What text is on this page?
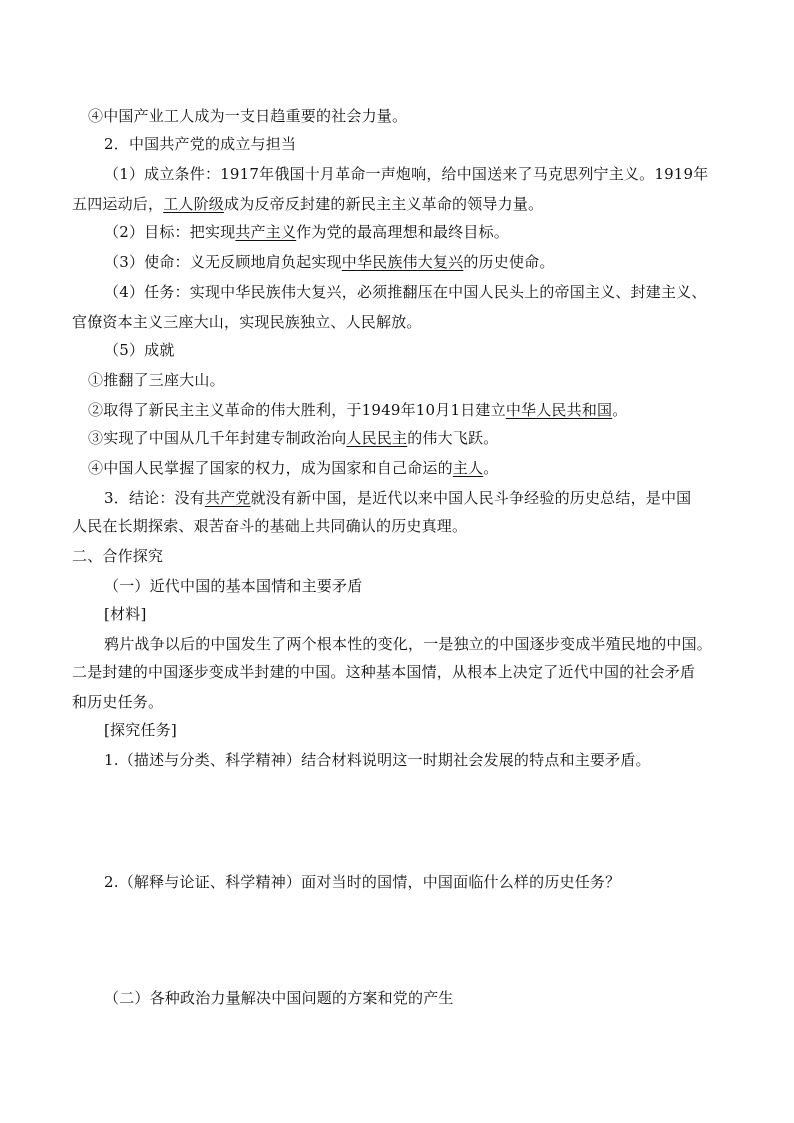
④中国产业工人成为一支日趋重要的社会力量。
2．中国共产党的成立与担当
（1）成立条件：1917年俄国十月革命一声炮响，给中国送来了马克思列宁主义。1919年
五四运动后，工人阶级成为反帝反封建的新民主主义革命的领导力量。
（2）目标：把实现共产主义作为党的最高理想和最终目标。
（3）使命：义无反顾地肩负起实现中华民族伟大复兴的历史使命。
（4）任务：实现中华民族伟大复兴，必须推翻压在中国人民头上的帝国主义、封建主义、
官僚资本主义三座大山，实现民族独立、人民解放。
（5）成就
①推翻了三座大山。
②取得了新民主主义革命的伟大胜利，于1949年10月1日建立中华人民共和国。
③实现了中国从几千年封建专制政治向人民民主的伟大飞跃。
④中国人民掌握了国家的权力，成为国家和自己命运的主人。
3．结论：没有共产党就没有新中国，是近代以来中国人民斗争经验的历史总结，是中国
人民在长期探索、艰苦奋斗的基础上共同确认的历史真理。
二、合作探究
（一）近代中国的基本国情和主要矛盾
[材料]
鸦片战争以后的中国发生了两个根本性的变化，一是独立的中国逐步变成半殖民地的中国。
二是封建的中国逐步变成半封建的中国。这种基本国情，从根本上决定了近代中国的社会矛盾
和历史任务。
[探究任务]
1.（描述与分类、科学精神）结合材料说明这一时期社会发展的特点和主要矛盾。
2.（解释与论证、科学精神）面对当时的国情，中国面临什么样的历史任务？
（二）各种政治力量解决中国问题的方案和党的产生
